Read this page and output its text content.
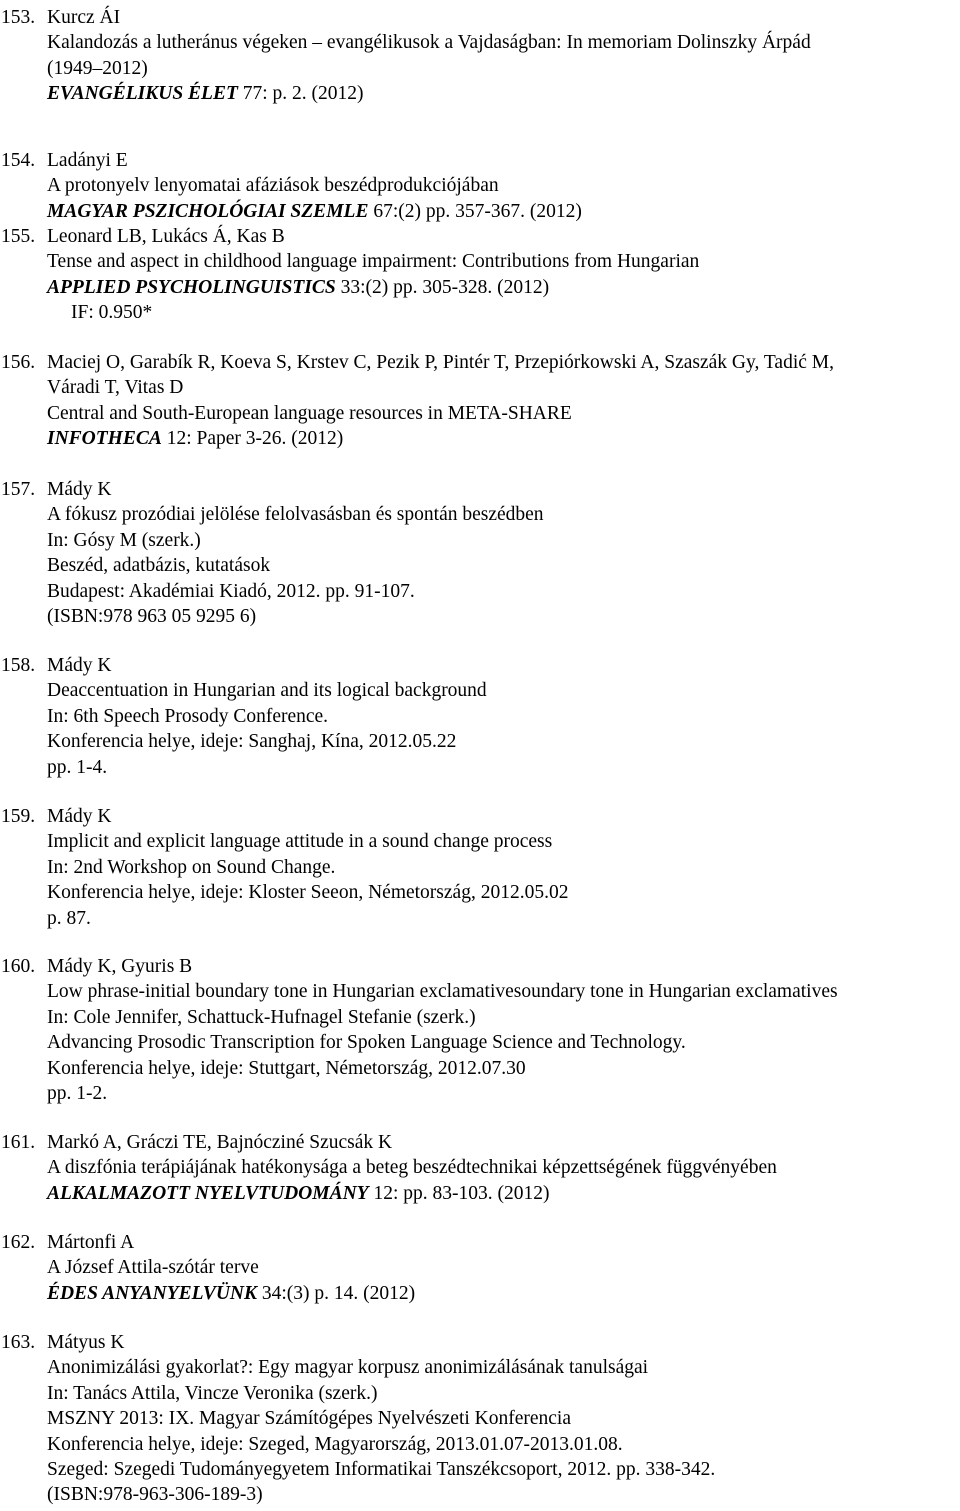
153. Kurcz ÁI
Kalandozás a lutheránus végeken – evangélikusok a Vajdaságban: In memoriam Dolinszky Árpád
(1949–2012)
EVANGÉLIKUS ÉLET 77: p. 2. (2012)
154. Ladányi E
A protonyelv lenyomatai afáziások beszédprodukciójában
MAGYAR PSZICHOLÓGIAI SZEMLE 67:(2) pp. 357-367. (2012)
155. Leonard LB, Lukács Á, Kas B
Tense and aspect in childhood language impairment: Contributions from Hungarian
APPLIED PSYCHOLINGUISTICS 33:(2) pp. 305-328. (2012)
IF: 0.950*
156. Maciej O, Garabík R, Koeva S, Krstev C, Pezik P, Pintér T, Przepiórkowski A, Szaszák Gy, Tadić M,
Váradi T, Vitas D
Central and South-European language resources in META-SHARE
INFOTHECA 12: Paper 3-26. (2012)
157. Mády K
A fókusz prozódiai jelölése felolvasásban és spontán beszédben
In: Gósy M (szerk.)
Beszéd, adatbázis, kutatások
Budapest: Akadémiai Kiadó, 2012. pp. 91-107.
(ISBN:978 963 05 9295 6)
158. Mády K
Deaccentuation in Hungarian and its logical background
In: 6th Speech Prosody Conference.
Konferencia helye, ideje: Sanghaj, Kína, 2012.05.22
pp. 1-4.
159. Mády K
Implicit and explicit language attitude in a sound change process
In: 2nd Workshop on Sound Change.
Konferencia helye, ideje: Kloster Seeon, Németország, 2012.05.02
p. 87.
160. Mády K, Gyuris B
Low phrase-initial boundary tone in Hungarian exclamativesoundary tone in Hungarian exclamatives
In: Cole Jennifer, Schattuck-Hufnagel Stefanie (szerk.)
Advancing Prosodic Transcription for Spoken Language Science and Technology.
Konferencia helye, ideje: Stuttgart, Németország, 2012.07.30
pp. 1-2.
161. Markó A, Gráczi TE, Bajnócziné Szucsák K
A diszfónia terápiájának hatékonysága a beteg beszédtechnikai képzettségének függvényében
ALKALMAZOTT NYELVTUDOMÁNY 12: pp. 83-103. (2012)
162. Mártonfi A
A József Attila-szótár terve
ÉDES ANYANYELVÜNK 34:(3) p. 14. (2012)
163. Mátyus K
Anonimizálási gyakorlat?: Egy magyar korpusz anonimizálásának tanulságai
In: Tanács Attila, Vincze Veronika (szerk.)
MSZNY 2013: IX. Magyar Számítógépes Nyelvészeti Konferencia
Konferencia helye, ideje: Szeged, Magyarország, 2013.01.07-2013.01.08.
Szeged: Szegedi Tudományegyetem Informatikai Tanszékcsoport, 2012. pp. 338-342.
(ISBN:978-963-306-189-3)
